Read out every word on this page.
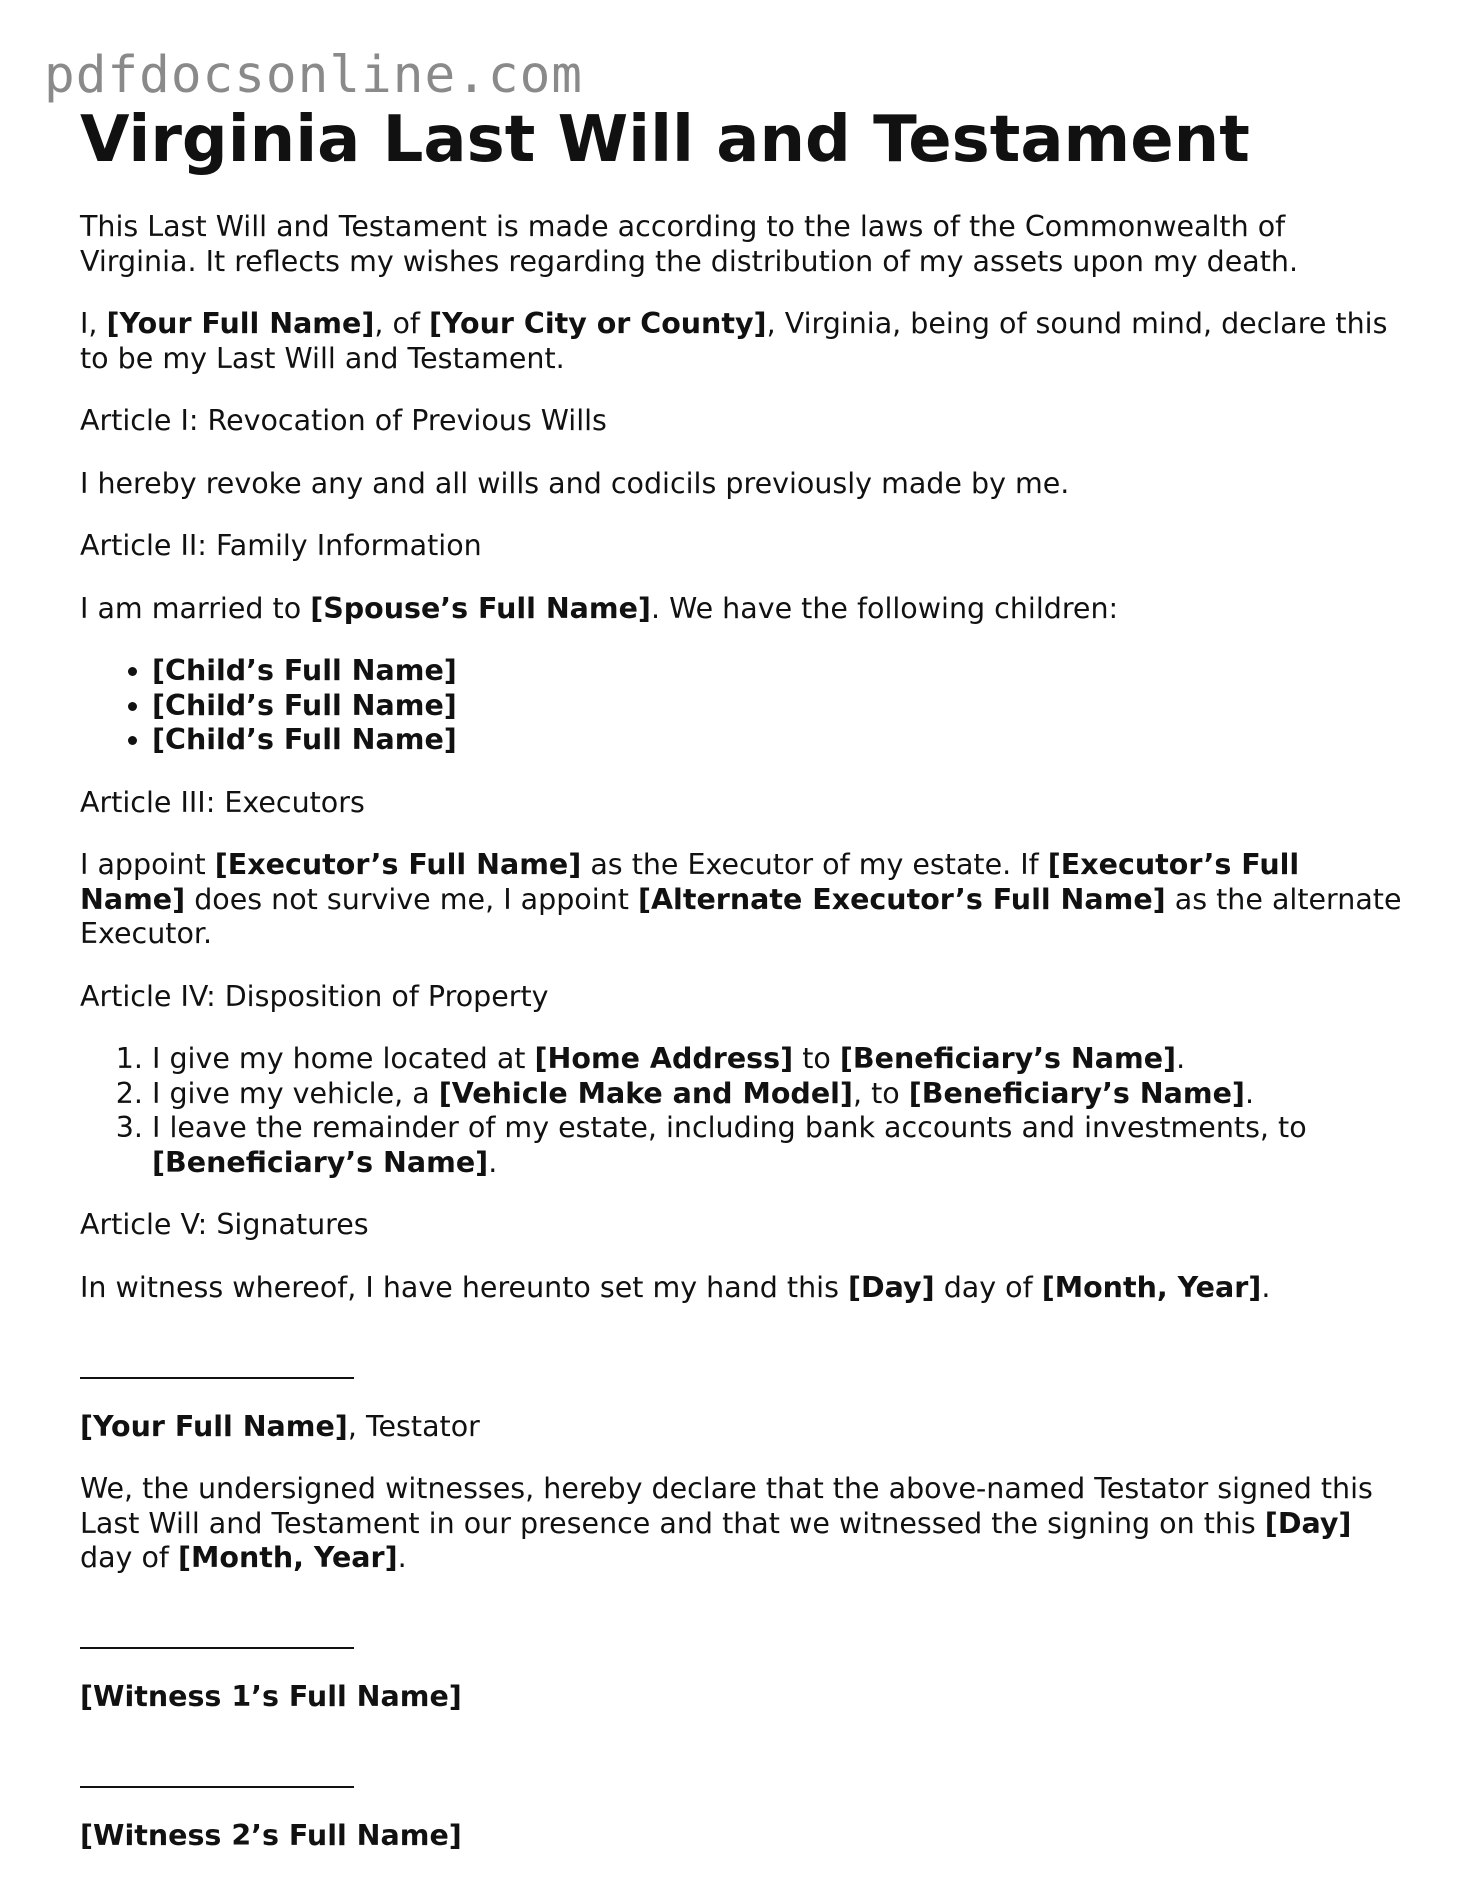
pdfdocsonline.com
Virginia Last Will and Testament

This Last Will and Testament is made according to the laws of the Commonwealth of Virginia. It reflects my wishes regarding the distribution of my assets upon my death.

I, [Your Full Name], of [Your City or County], Virginia, being of sound mind, declare this to be my Last Will and Testament.

Article I: Revocation of Previous Wills

I hereby revoke any and all wills and codicils previously made by me.

Article II: Family Information

I am married to [Spouse’s Full Name]. We have the following children:

• [Child’s Full Name]
• [Child’s Full Name]
• [Child’s Full Name]

Article III: Executors

I appoint [Executor’s Full Name] as the Executor of my estate. If [Executor’s Full Name] does not survive me, I appoint [Alternate Executor’s Full Name] as the alternate Executor.

Article IV: Disposition of Property

1. I give my home located at [Home Address] to [Beneficiary’s Name].
2. I give my vehicle, a [Vehicle Make and Model], to [Beneficiary’s Name].
3. I leave the remainder of my estate, including bank accounts and investments, to [Beneficiary’s Name].

Article V: Signatures

In witness whereof, I have hereunto set my hand this [Day] day of [Month, Year].

[Your Full Name], Testator

We, the undersigned witnesses, hereby declare that the above-named Testator signed this Last Will and Testament in our presence and that we witnessed the signing on this [Day] day of [Month, Year].

[Witness 1’s Full Name]

[Witness 2’s Full Name]
